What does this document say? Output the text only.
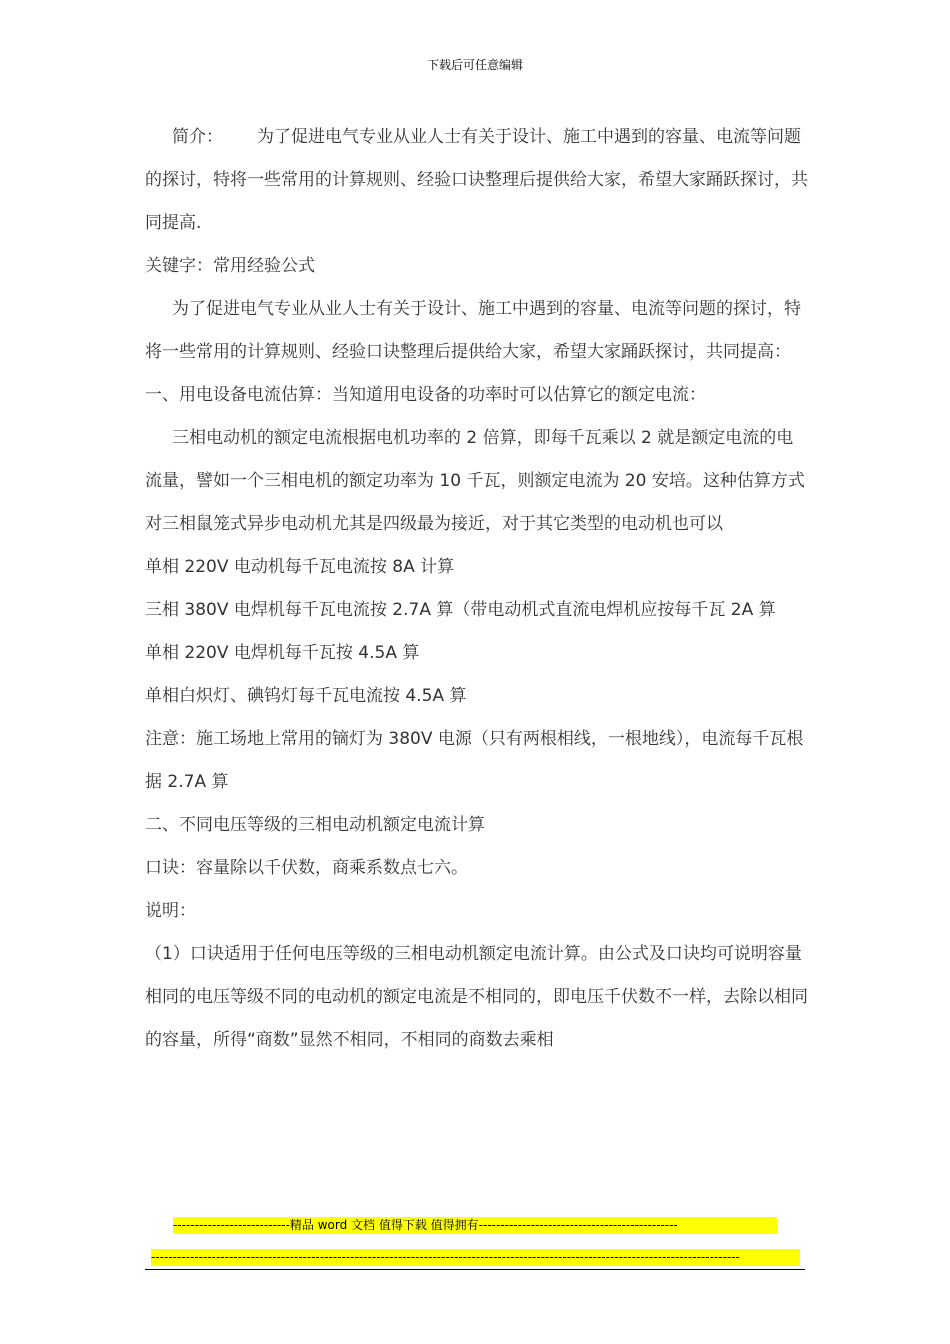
下载后可任意编辑

简介： 为了促进电气专业从业人士有关于设计、施工中遇到的容量、电流等问题的探讨，特将一些常用的计算规则、经验口诀整理后提供给大家，希望大家踊跃探讨，共同提高.

关键字：常用经验公式

为了促进电气专业从业人士有关于设计、施工中遇到的容量、电流等问题的探讨，特将一些常用的计算规则、经验口诀整理后提供给大家，希望大家踊跃探讨，共同提高：

一、用电设备电流估算：当知道用电设备的功率时可以估算它的额定电流：

三相电动机的额定电流根据电机功率的 2 倍算，即每千瓦乘以 2 就是额定电流的电流量，譬如一个三相电机的额定功率为 10 千瓦，则额定电流为 20 安培。这种估算方式对三相鼠笼式异步电动机尤其是四级最为接近，对于其它类型的电动机也可以

单相 220V 电动机每千瓦电流按 8A 计算

三相 380V 电焊机每千瓦电流按 2.7A 算（带电动机式直流电焊机应按每千瓦 2A 算

单相 220V 电焊机每千瓦按 4.5A 算

单相白炽灯、碘钨灯每千瓦电流按 4.5A 算

注意：施工场地上常用的镝灯为 380V 电源（只有两根相线，一根地线），电流每千瓦根据 2.7A 算

二、不同电压等级的三相电动机额定电流计算

口诀：容量除以千伏数，商乘系数点七六。

说明：

（1）口诀适用于任何电压等级的三相电动机额定电流计算。由公式及口诀均可说明容量相同的电压等级不同的电动机的额定电流是不相同的，即电压千伏数不一样，去除以相同的容量，所得“商数”显然不相同，不相同的商数去乘相

---------------------------精品 word 文档 值得下载 值得拥有----------------------------------------------
----------------------------------------------------------------------------------------------------------------------------------------
